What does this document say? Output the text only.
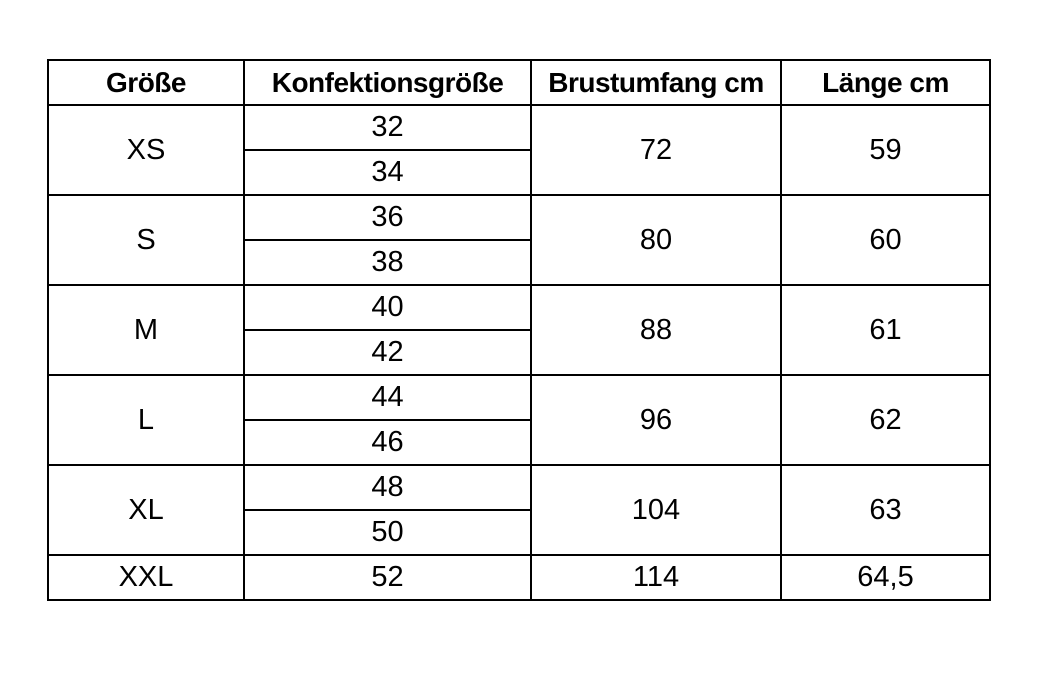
Größe	Konfektionsgröße	Brustumfang cm	Länge cm
XS	32	72	59
	34		
S	36	80	60
	38		
M	40	88	61
	42		
L	44	96	62
	46		
XL	48	104	63
	50		
XXL	52	114	64,5
